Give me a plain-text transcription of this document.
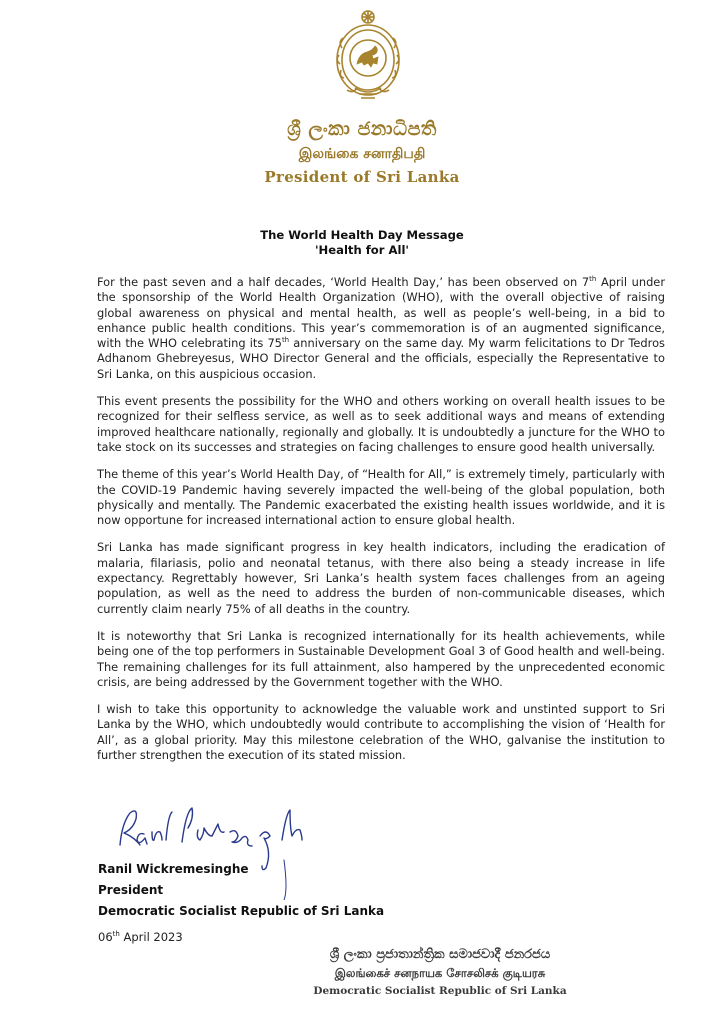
ශ්‍රී ලංකා ජනාධිපති
இலங்கை சனாதிபதி
President of Sri Lanka
The World Health Day Message
'Health for All'

For the past seven and a half decades, ‘World Health Day,’ has been observed on 7th April under the sponsorship of the World Health Organization (WHO), with the overall objective of raising global awareness on physical and mental health, as well as people’s well-being, in a bid to enhance public health conditions. This year’s commemoration is of an augmented significance, with the WHO celebrating its 75th anniversary on the same day. My warm felicitations to Dr Tedros Adhanom Ghebreyesus, WHO Director General and the officials, especially the Representative to Sri Lanka, on this auspicious occasion.

This event presents the possibility for the WHO and others working on overall health issues to be recognized for their selfless service, as well as to seek additional ways and means of extending improved healthcare nationally, regionally and globally. It is undoubtedly a juncture for the WHO to take stock on its successes and strategies on facing challenges to ensure good health universally.

The theme of this year’s World Health Day, of “Health for All,” is extremely timely, particularly with the COVID-19 Pandemic having severely impacted the well-being of the global population, both physically and mentally. The Pandemic exacerbated the existing health issues worldwide, and it is now opportune for increased international action to ensure global health.

Sri Lanka has made significant progress in key health indicators, including the eradication of malaria, filariasis, polio and neonatal tetanus, with there also being a steady increase in life expectancy. Regrettably however, Sri Lanka’s health system faces challenges from an ageing population, as well as the need to address the burden of non-communicable diseases, which currently claim nearly 75% of all deaths in the country.

It is noteworthy that Sri Lanka is recognized internationally for its health achievements, while being one of the top performers in Sustainable Development Goal 3 of Good health and well-being. The remaining challenges for its full attainment, also hampered by the unprecedented economic crisis, are being addressed by the Government together with the WHO.

I wish to take this opportunity to acknowledge the valuable work and unstinted support to Sri Lanka by the WHO, which undoubtedly would contribute to accomplishing the vision of ‘Health for All’, as a global priority. May this milestone celebration of the WHO, galvanise the institution to further strengthen the execution of its stated mission.

Ranil Wickremesinghe
President
Democratic Socialist Republic of Sri Lanka
06th April 2023
ශ්‍රී ලංකා ප්‍රජාතාන්ත්‍රික සමාජවාදී ජනරජය
இலங்கைச் சனநாயக சோசலிசக் குடியரசு
Democratic Socialist Republic of Sri Lanka
